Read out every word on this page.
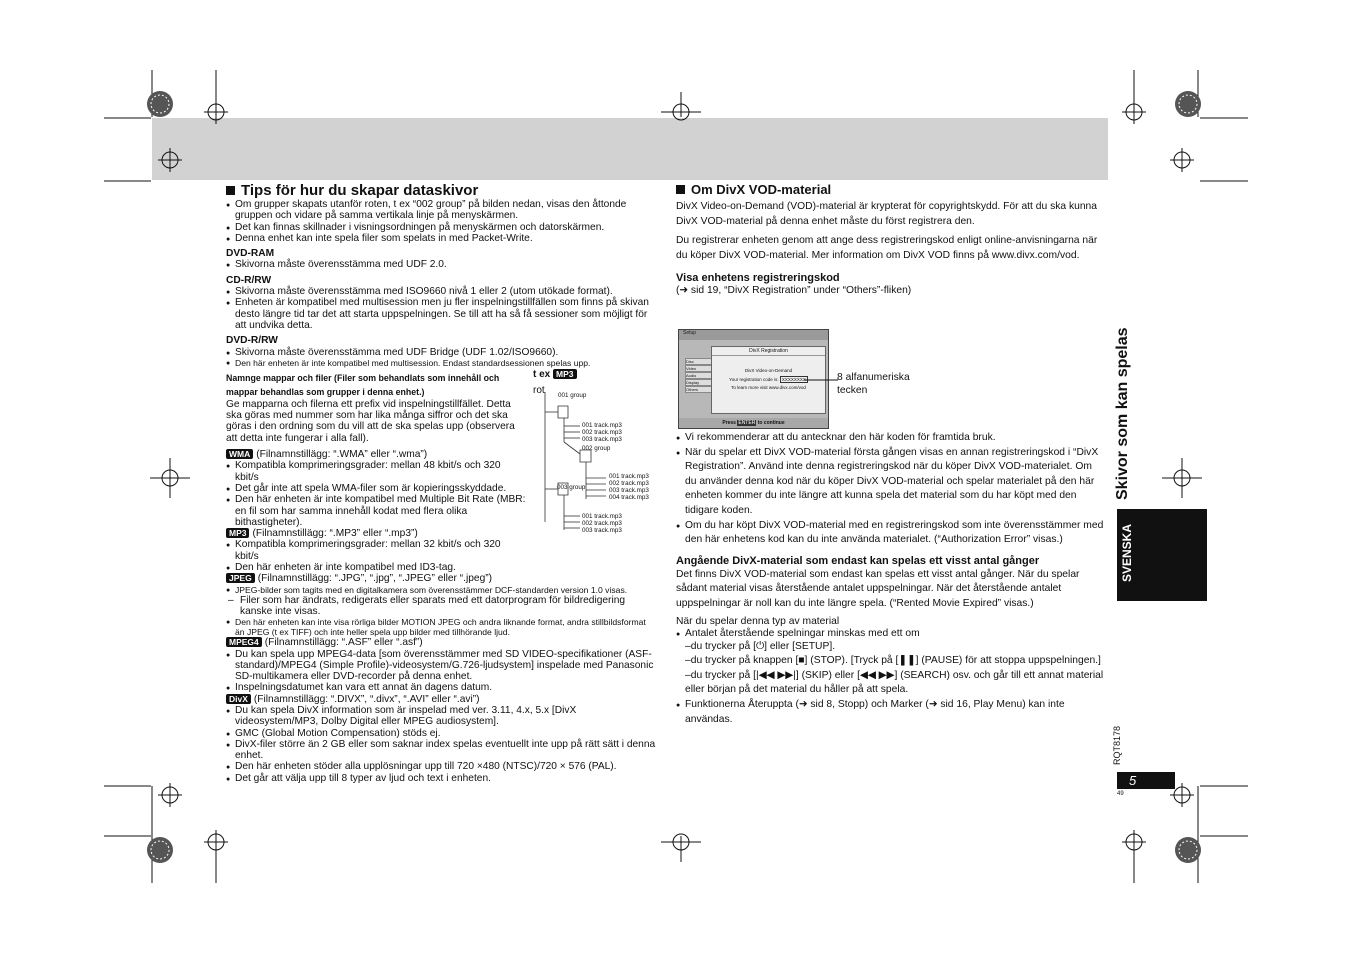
Tips för hur du skapar dataskivor
● Om grupper skapats utanför roten, t ex “002 group” på bilden nedan, visas den åttonde gruppen och vidare på samma vertikala linje på menyskärmen.
● Det kan finnas skillnader i visningsordningen på menyskärmen och datorskärmen.
● Denna enhet kan inte spela filer som spelats in med Packet-Write.
DVD-RAM
● Skivorna måste överensstämma med UDF 2.0.
CD-R/RW
● Skivorna måste överensstämma med ISO9660 nivå 1 eller 2 (utom utökade format).
● Enheten är kompatibel med multisession men ju fler inspelningstillfällen som finns på skivan desto längre tid tar det att starta uppspelningen. Se till att ha så få sessioner som möjligt för att undvika detta.
DVD-R/RW
● Skivorna måste överensstämma med UDF Bridge (UDF 1.02/ISO9660).
● Den här enheten är inte kompatibel med multisession. Endast standardsessionen spelas upp.
Namnge mappar och filer (Filer som behandlats som innehåll och mappar behandlas som grupper i denna enhet.)
Ge mapparna och filerna ett prefix vid inspelningstillfället. Detta ska göras med nummer som har lika många siffror och det ska göras i den ordning som du vill att de ska spelas upp (observera att detta inte fungerar i alla fall).
WMA (Filnamnstillägg: “.WMA” eller “.wma”)
● Kompatibla komprimeringsgrader: mellan 48 kbit/s och 320 kbit/s
● Det går inte att spela WMA-filer som är kopieringsskyddade.
● Den här enheten är inte kompatibel med Multiple Bit Rate (MBR: en fil som har samma innehåll kodat med flera olika bithastigheter).
MP3 (Filnamnstillägg: “.MP3” eller “.mp3”)
● Kompatibla komprimeringsgrader: mellan 32 kbit/s och 320 kbit/s
● Den här enheten är inte kompatibel med ID3-tag.
JPEG (Filnamnstillägg: “.JPG”, “.jpg”, “.JPEG” eller “.jpeg”)
● JPEG-bilder som tagits med en digitalkamera som överensstämmer DCF-standarden version 1.0 visas.
– Filer som har ändrats, redigerats eller sparats med ett datorprogram för bildredigering kanske inte visas.
● Den här enheten kan inte visa rörliga bilder MOTION JPEG och andra liknande format, andra stillbildsformat än JPEG (t ex TIFF) och inte heller spela upp bilder med tillhörande ljud.
MPEG4 (Filnamnstillägg: “.ASF” eller “.asf”)
● Du kan spela upp MPEG4-data [som överensstämmer med SD VIDEO-specifikationer (ASF-standard)/MPEG4 (Simple Profile)-videosystem/G.726-ljudsystem] inspelade med Panasonic SD-multikamera eller DVD-recorder på denna enhet.
● Inspelningsdatumet kan vara ett annat än dagens datum.
DivX (Filnamnstillägg: “.DIVX”, “.divx”, “.AVI” eller “.avi”)
● Du kan spela DivX information som är inspelad med ver. 3.11, 4.x, 5.x [DivX videosystem/MP3, Dolby Digital eller MPEG audiosystem].
● GMC (Global Motion Compensation) stöds ej.
● DivX-filer större än 2 GB eller som saknar index spelas eventuellt inte upp på rätt sätt i denna enhet.
● Den här enheten stöder alla upplösningar upp till 720 ×480 (NTSC)/720 × 576 (PAL).
● Det går att välja upp till 8 typer av ljud och text i enheten.
t ex MP3
rot 001 group
001 track.mp3
002 track.mp3
003 track.mp3
002 group
001 track.mp3
002 track.mp3
003 track.mp3
004 track.mp3
003 group
001 track.mp3
002 track.mp3
003 track.mp3
Om DivX VOD-material
DivX Video-on-Demand (VOD)-material är krypterat för copyrightskydd. För att du ska kunna DivX VOD-material på denna enhet måste du först registrera den.
Du registrerar enheten genom att ange dess registreringskod enligt online-anvisningarna när du köper DivX VOD-material. Mer information om DivX VOD finns på www.divx.com/vod.
Visa enhetens registreringskod
(➜ sid 19, “DivX Registration” under “Others”-fliken)
Setup
Disc
Video
Audio
Display
Others
DivX Registration
DivX Video-on-Demand
Your registration code is: XXXXXXXX
To learn more visit www.divx.com/vod
Press ENTER to continue
8 alfanumeriska tecken
● Vi rekommenderar att du antecknar den här koden för framtida bruk.
● När du spelar ett DivX VOD-material första gången visas en annan registreringskod i “DivX Registration”. Använd inte denna registreringskod när du köper DivX VOD-materialet. Om du använder denna kod när du köper DivX VOD-material och spelar materialet på den här enheten kommer du inte längre att kunna spela det material som du har köpt med den tidigare koden.
● Om du har köpt DivX VOD-material med en registreringskod som inte överensstämmer med den här enhetens kod kan du inte använda materialet. (“Authorization Error” visas.)
Angående DivX-material som endast kan spelas ett visst antal gånger
Det finns DivX VOD-material som endast kan spelas ett visst antal gånger. När du spelar sådant material visas återstående antalet uppspelningar. När det återstående antalet uppspelningar är noll kan du inte längre spela. (“Rented Movie Expired” visas.)
När du spelar denna typ av material
● Antalet återstående spelningar minskas med ett om
–du trycker på [⏻] eller [SETUP].
–du trycker på knappen [■] (STOP). [Tryck på [❚❚] (PAUSE) för att stoppa uppspelningen.]
–du trycker på [|◀◀ ▶▶|] (SKIP) eller [◀◀ ▶▶] (SEARCH) osv. och går till ett annat material eller början på det material du håller på att spela.
● Funktionerna Återuppta (➜ sid 8, Stopp) och Marker (➜ sid 16, Play Menu) kan inte användas.
Skivor som kan spelas
SVENSKA
RQT8178
5
49
